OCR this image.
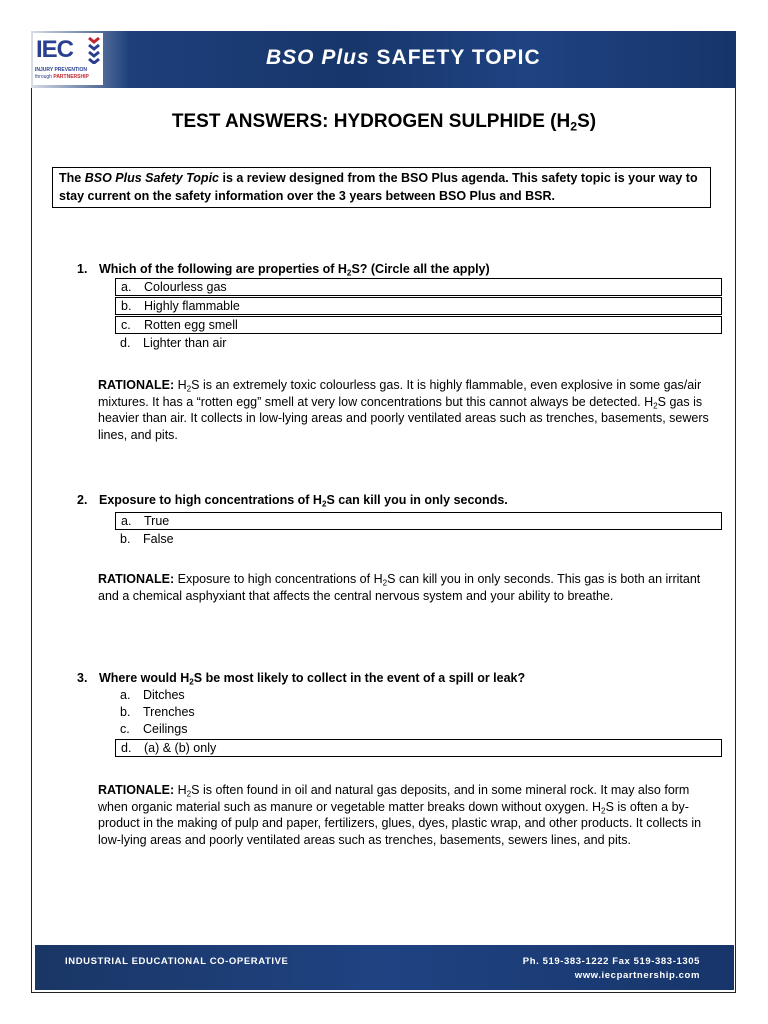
IEC
INJURY PREVENTION
through PARTNERSHIP
BSO Plus SAFETY TOPIC
TEST ANSWERS: HYDROGEN SULPHIDE $(H_2S)$
The BSO Plus Safety Topic is a review designed from the BSO Plus agenda. This safety topic is your way to stay current on the safety information over the 3 years between BSO Plus and BSR.
1. Which of the following are properties of $H_2S$? (Circle all the apply)
a. Colourless gas
b. Highly flammable
c. Rotten egg smell
d. Lighter than air
RATIONALE: $H_2S$ is an extremely toxic colourless gas. It is highly flammable, even explosive in some gas/air mixtures. It has a “rotten egg” smell at very low concentrations but this cannot always be detected. $H_2S$ gas is heavier than air. It collects in low-lying areas and poorly ventilated areas such as trenches, basements, sewers lines, and pits.
2. Exposure to high concentrations of $H_2S$ can kill you in only seconds.
a. True
b. False
RATIONALE: Exposure to high concentrations of $H_2S$ can kill you in only seconds. This gas is both an irritant and a chemical asphyxiant that affects the central nervous system and your ability to breathe.
3. Where would $H_2S$ be most likely to collect in the event of a spill or leak?
a. Ditches
b. Trenches
c. Ceilings
d. (a) & (b) only
RATIONALE: $H_2S$ is often found in oil and natural gas deposits, and in some mineral rock. It may also form when organic material such as manure or vegetable matter breaks down without oxygen. $H_2S$ is often a by-product in the making of pulp and paper, fertilizers, glues, dyes, plastic wrap, and other products. It collects in low-lying areas and poorly ventilated areas such as trenches, basements, sewers lines, and pits.
INDUSTRIAL EDUCATIONAL CO-OPERATIVE	Ph. 519-383-1222 Fax 519-383-1305
www.iecpartnership.com
